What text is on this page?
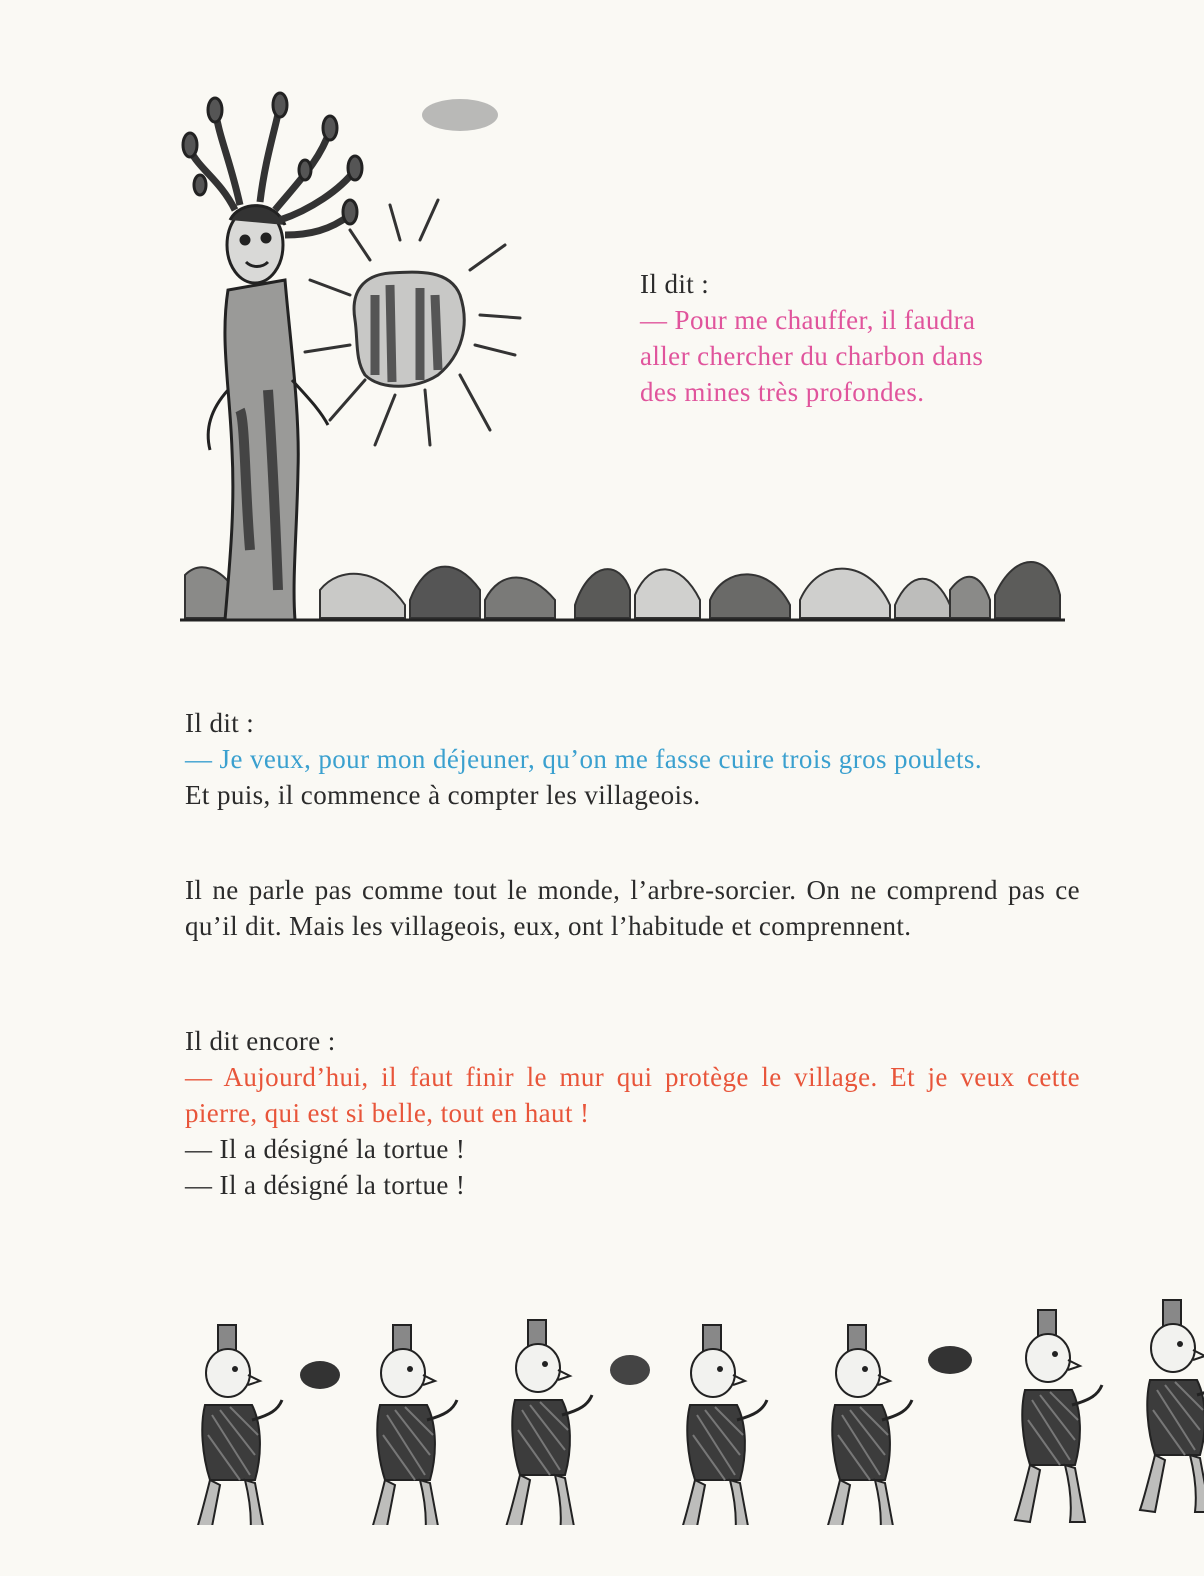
Il dit :

— Pour me chauffer, il faudra

aller chercher du charbon dans

des mines très profondes.

Il dit :

— Je veux, pour mon déjeuner, qu’on me fasse cuire trois gros poulets.

Et puis, il commence à compter les villageois.

Il ne parle pas comme tout le monde, l’arbre-sorcier. On ne comprend pas ce qu’il dit. Mais les villageois, eux, ont l’habitude et comprennent.

Il dit encore :

— Aujourd’hui, il faut finir le mur qui protège le village. Et je veux cette pierre, qui est si belle, tout en haut !

— Il a désigné la tortue !

— Il a désigné la tortue !
